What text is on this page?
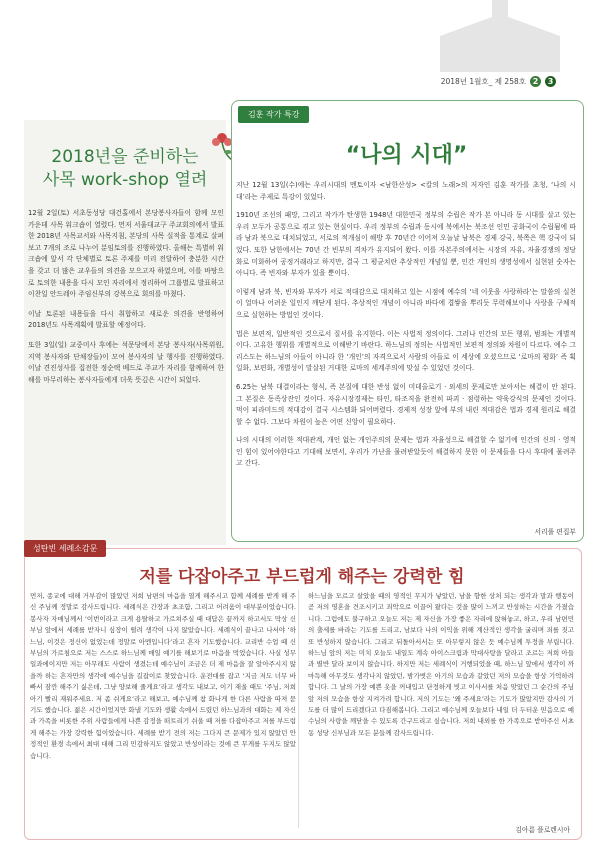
2018년 1월호_ 제 258호 2	3
2018년을 준비하는
사목 work-shop 열려

12월 2일(토) 서초동성당 대건홀에서 본당봉사자들이 함께 모인 가운데 사목 워크숍이 열렸다. 먼저 서울대교구 주교회의에서 발표한 2018년 사목교서와 사목지침, 본당의 사목 실적을 통계로 살펴보고 7개의 조로 나누어 분임토의를 진행하였다. 올해는 특별히 워크숍에 앞서 각 단체별로 토론 주제를 미리 전달하여 충분한 시간을 갖고 더 많은 교우들의 의견을 모으고자 하였으며, 이를 바탕으로 토의한 내용을 다시 모인 자리에서 정리하여 그룹별로 발표하고 이찬일 안드레아 주임신부의 강복으로 회의를 마쳤다.

이날 토론된 내용들을 다시 취합하고 새로운 의견을 반영하여 2018년도 사목계획에 발표할 예정이다.

또한 3일(일) 교중미사 후에는 석문당에서 본당 봉사자(사목위원, 지역 봉사자와 단체장들)이 모여 봉사자의 날 행사를 진행하였다. 이날 견진성사를 집전한 정순택 베드로 주교가 자리를 함께하여 한 해를 마무리하는 봉사자들에게 더욱 뜻깊은 시간이 되었다.

김훈 작가 특강
“나의 시대”

지난 12월 13일(수)에는 우리시대의 멘토이자 <남한산성> <칼의 노래>의 저자인 김훈 작가를 초청, ‘나의 시대’라는 주제로 특강이 있었다.

1910년 조선의 패망, 그리고 작가가 탄생한 1948년 대한민국 정부의 수립은 작가 본 아니라 동 시대를 살고 있는 우리 모두가 공통으로 겪고 있는 현실이다. 우리 정부의 수립과 동시에 북에서는 북조선 인민 공화국이 수립됨에 따라 남과 북으로 대치되었고, 서로의 적개심이 해방 후 70년간 이어져 오늘날 남북은 경제 강국, 북쪽은 핵 강국이 되었다. 또한 남한에서는 70년 간 빈부의 격차가 유지되어 왔다. 이를 자본주의에서는 시장의 자유, 자율경쟁의 정당화로 미화하여 공정거래라고 하지만, 결국 그 평균치란 추상적인 개념일 뿐, 인간 개인의 생명성에서 실현된 숫자는 아니다. 즉 빈자와 부자가 있을 뿐이다.

이렇게 남과 북, 빈자와 부자가 서로 적대감으로 대치하고 있는 시점에 예수의 ‘네 이웃을 사랑하라’는 말씀의 실천이 얼마나 어려운 일인지 깨닫게 된다. 추상적인 개념이 아니라 바다에 겹쌓을 뿌리듯 무력해보이나 사랑을 구체적으로 실현하는 방법인 것이다.

법은 보편적, 일반적인 것으로서 질서를 유지한다. 이는 사법적 정의이다. 그러나 인간의 모든 행위, 범죄는 개별적이다. 고유한 행위를 개별적으로 이해받기 바란다. 하느님의 정의는 사법적인 보편적 정의와 차원이 다르다. 예수 그리스도는 하느님의 아들이 아니라 한 ‘개인’의 자격으로서 사람의 아들로 이 세상에 오셨으므로 ‘로마의 평화’ 즉 획일화, 보편화, 개별성이 말살된 거대한 로마의 세계주의에 맞설 수 있었던 것이다.

6.25는 남북 대결이라는 형식, 즉 본질에 대한 반성 없이 미데올로기 · 외세의 문제로만 보아서는 해결이 안 된다. 그 본질은 동족상잔인 것이다. 자유시장경제는 타인, 타조직을 완전히 파괴 · 점령하는 약육강식의 문제인 것이다. 먹이 피라미드의 적대감이 결국 시스템화 되어버렸다. 경제적 성장 앞에 부의 내린 적대감은 법과 경제 원리로 해결할 수 없다. 그보다 차원이 높은 어떤 신앙이 필요하다.

나의 시대의 이러한 적대관계, 개인 없는 개인주의의 문제는 법과 자율성으로 해결할 수 없기에 인간의 신의 · 영적인 힘이 있어야한다고 기대해 보면서, 우리가 가난을 물려받았듯이 해결하지 못한 이 문제들을 다시 후대에 물려주고 간다.

서리풀 편집부
성탄빈 세례소감문
저를 다잡아주고 부드럽게 해주는 강력한 힘
먼저, 종교에 대해 거부감이 많았던 저희 남편의 마음을 열게 해주시고 함께 세례를 받게 해 주신 주님께 정말로 감사드립니다. 세례식은 간장과 초조함, 그리고 어려움이 대부분이었습니다. 봉사자 자매님께서 ‘이번이라고 크게 용탈하고 가르쳐주실 때 대답은 끝까지 하고서도 막상 신부님 앞에서 세례를 받자니 심장이 떨려 생각이 나지 않았습니다. 세례식이 끝나고 나서야 ‘하느님, 이것은 정신이 없었는데 정말로 아멘입니다’라고 흔자 기도했습니다. 교리반 수업 때 신부님의 가르침으로 저는 스스로 하느님께 매일 예기를 해보기로 마음을 먹었습니다. 사실 성무일과에이지만 저는 아무래도 사람이 생겼는데 예수님이 조금은 더 제 마음을 잘 알아주시지 않을까 하는 흔자만의 생각에 예수님을 길잡이로 찾았습니다. 운전대를 잡고 ‘지금 저도 너무 바빠서 잠깐 해주기 싫은데, 그냥 양보해 줄게요’라고 생각도 내보고, 이기 재울 때도 ‘주님, 저희 아기 빨리 재워주세요. 저 좀 쉬게요’라고 해보고, 예수님께 참 화나게 한 다른 사람을 따져 묻기도 했습니다. 젊은 시간이었지만 화낼 기도와 생활 속에서 드렸던 하느님과의 대화는 제 자신과 가족을 비롯한 주위 사람들에게 나쁜 감정을 떠트리기 쉬울 때 저를 다잡아주고 저를 부드럽게 해주는 가장 강력한 힘이었습니다. 세례를 받기 전의 저는 그다지 큰 문제가 있지 않았던 안정적인 환경 속에서 최대 대해 그리 민감하지도 않았고 반성이라는 것에 큰 무게를 두지도 않았습니다.
하느님을 모르고 살았을 때의 영적인 무지가 낳았던, 남을 향한 상처 되는 생각과 말과 행동이 곧 저의 영혼을 견조시키고 죄악으로 이끌어 왔다는 것을 많이 느끼고 반성하는 시간을 가졌습니다. 그럼에도 불구하고 오늘도 저는 제 자신을 가장 좋은 자리에 앉혀놓고, 하고, 우리 남편민의 출세를 바라는 기도를 드리고, 남보다 나의 이익을 위해 계산적인 생각을 굴리며 죄를 짓고 또 반성하지 않습니다. 그리고 뒤돌아서서는 또 아무렇지 않은 듯 예수님께 투정을 부립니다. 하느님 앞의 저는 미치 오늘도 내일도 계속 아이스크림과 막대사탕을 달라고 조르는 저희 아들과 별반 달라 보이지 않습니다. 하지만 저는 세례식이 거행되었을 때, 하느님 앞에서 생각이 까마득해 아무것도 생각나지 않았던, 밤가벗은 아기의 모습과 같았던 저의 모습을 항상 기억하려 합니다. 그 날의 가장 예쁜 옷을 꺼내입고 단정하게 빗고 이사서를 처음 맞았던 그 순간의 주님 앞 저의 모습을 항상 지켜가려 합니다. 저의 기도는 ‘왜 주세요’라는 기도가 많았지만 감사의 기도를 더 많이 드리겠다고 다짐해봅니다. 그리고 예수님께 오늘보다 내일 더 두터운 믿음으로 예수님의 사랑을 깨닫을 수 있도록 간구드리고 싶습니다. 저희 내외를 한 가족으로 받아주신 서초동 성당 신부님과 모든 분들께 감사드립니다.
김아름 플로렌시아
